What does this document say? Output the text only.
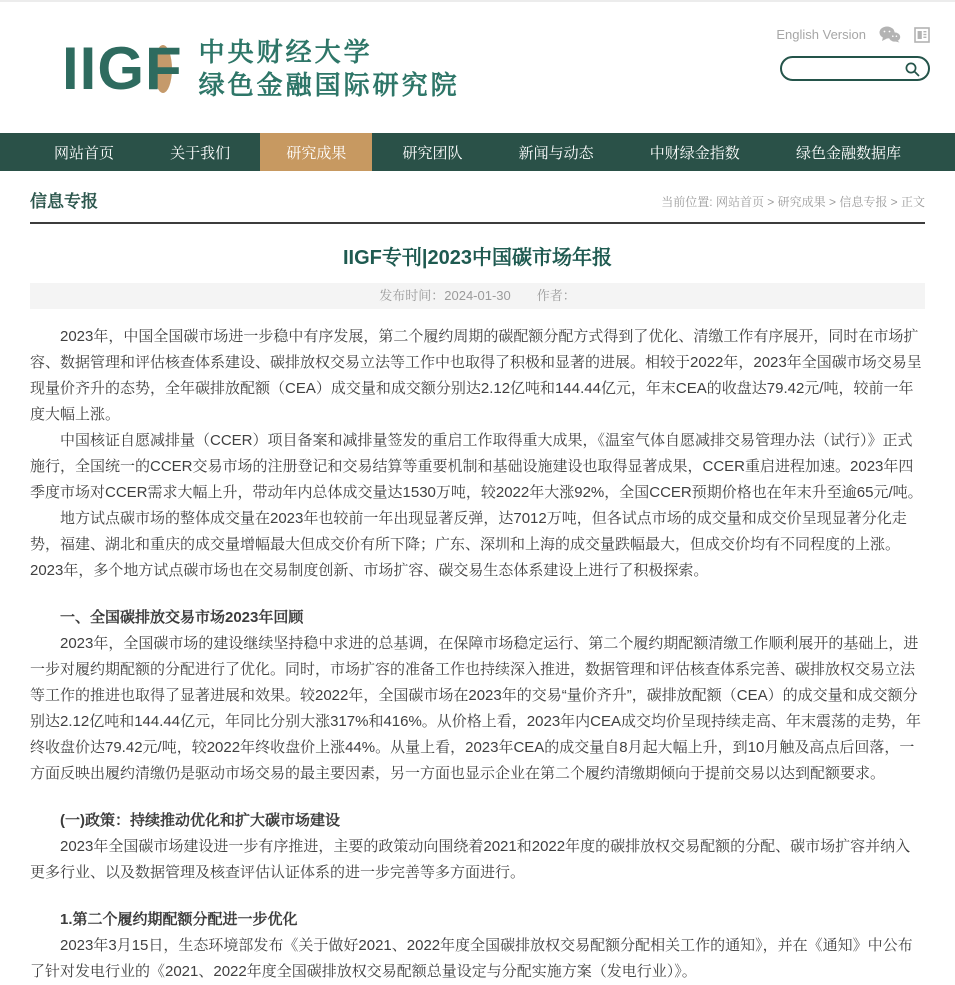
IIGF 中央财经大学
绿色金融国际研究院
English Version
网站首页	关于我们	研究成果	研究团队	新闻与动态	中财绿金指数	绿色金融数据库
信息专报	当前位置: 网站首页 > 研究成果 > 信息专报 > 正文
IIGF专刊|2023中国碳市场年报
发布时间：2024-01-30 作者：

2023年，中国全国碳市场进一步稳中有序发展，第二个履约周期的碳配额分配方式得到了优化、清缴工作有序展开，同时在市场扩容、数据管理和评估核查体系建设、碳排放权交易立法等工作中也取得了积极和显著的进展。相较于2022年，2023年全国碳市场交易呈现量价齐升的态势，全年碳排放配额（CEA）成交量和成交额分别达2.12亿吨和144.44亿元，年末CEA的收盘达79.42元/吨，较前一年度大幅上涨。

中国核证自愿减排量（CCER）项目备案和减排量签发的重启工作取得重大成果，《温室气体自愿减排交易管理办法（试行）》正式施行，全国统一的CCER交易市场的注册登记和交易结算等重要机制和基础设施建设也取得显著成果，CCER重启进程加速。2023年四季度市场对CCER需求大幅上升，带动年内总体成交量达1530万吨，较2022年大涨92%，全国CCER预期价格也在年末升至逾65元/吨。

地方试点碳市场的整体成交量在2023年也较前一年出现显著反弹，达7012万吨，但各试点市场的成交量和成交价呈现显著分化走势，福建、湖北和重庆的成交量增幅最大但成交价有所下降；广东、深圳和上海的成交量跌幅最大，但成交价均有不同程度的上涨。2023年，多个地方试点碳市场也在交易制度创新、市场扩容、碳交易生态体系建设上进行了积极探索。

一、全国碳排放交易市场2023年回顾

2023年，全国碳市场的建设继续坚持稳中求进的总基调，在保障市场稳定运行、第二个履约期配额清缴工作顺利展开的基础上，进一步对履约期配额的分配进行了优化。同时，市场扩容的准备工作也持续深入推进，数据管理和评估核查体系完善、碳排放权交易立法等工作的推进也取得了显著进展和效果。较2022年，全国碳市场在2023年的交易“量价齐升”，碳排放配额（CEA）的成交量和成交额分别达2.12亿吨和144.44亿元，年同比分别大涨317%和416%。从价格上看，2023年内CEA成交均价呈现持续走高、年末震荡的走势，年终收盘价达79.42元/吨，较2022年终收盘价上涨44%。从量上看，2023年CEA的成交量自8月起大幅上升，到10月触及高点后回落，一方面反映出履约清缴仍是驱动市场交易的最主要因素，另一方面也显示企业在第二个履约清缴期倾向于提前交易以达到配额要求。

(一)政策：持续推动优化和扩大碳市场建设

2023年全国碳市场建设进一步有序推进，主要的政策动向围绕着2021和2022年度的碳排放权交易配额的分配、碳市场扩容并纳入更多行业、以及数据管理及核查评估认证体系的进一步完善等多方面进行。

1.第二个履约期配额分配进一步优化

2023年3月15日，生态环境部发布《关于做好2021、2022年度全国碳排放权交易配额分配相关工作的通知》，并在《通知》中公布了针对发电行业的《2021、2022年度全国碳排放权交易配额总量设定与分配实施方案（发电行业）》。
